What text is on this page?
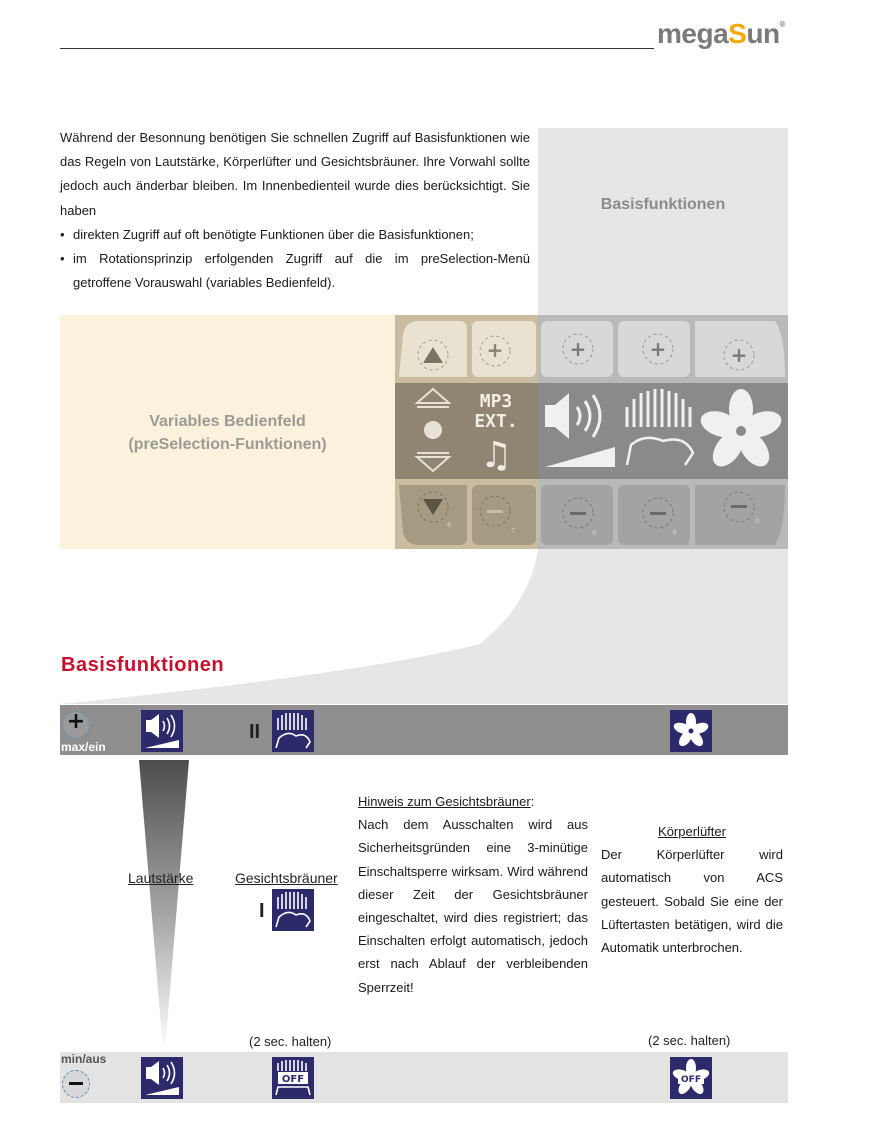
megaSun®

Während der Besonnung benötigen Sie schnellen Zugriff auf Basisfunktionen wie das Regeln von Lautstärke, Körperlüfter und Gesichtsbräuner. Ihre Vorwahl sollte jedoch auch änderbar bleiben. Im Innenbedienteil wurde dies berücksichtigt. Sie haben

• direkten Zugriff auf oft benötigte Funktionen über die Basisfunktionen;
• im Rotationsprinzip erfolgenden Zugriff auf die im preSelection-Menü getroffene Vorauswahl (variables Bedienfeld).
Basisfunktionen
Variables Bedienfeld
(preSelection-Funktionen)
+	+	+	+
MP3
EXT.
♫
6
7	8	9
0
Basisfunktionen
+
max/ein
II
Lautstärke	Gesichtsbräuner
I
Hinweis zum Gesichtsbräuner:
Nach dem Ausschalten wird aus Sicherheitsgründen eine 3-minütige Einschaltsperre wirksam. Wird während dieser Zeit der Gesichtsbräuner eingeschaltet, wird dies registriert; das Einschalten erfolgt automatisch, jedoch erst nach Ablauf der verbleibenden Sperrzeit!
Körperlüfter
Der Körperlüfter wird automatisch von ACS gesteuert. Sobald Sie eine der Lüftertasten betätigen, wird die Automatik unterbrochen.
(2 sec. halten)	(2 sec. halten)
min/aus
OFF	OFF
